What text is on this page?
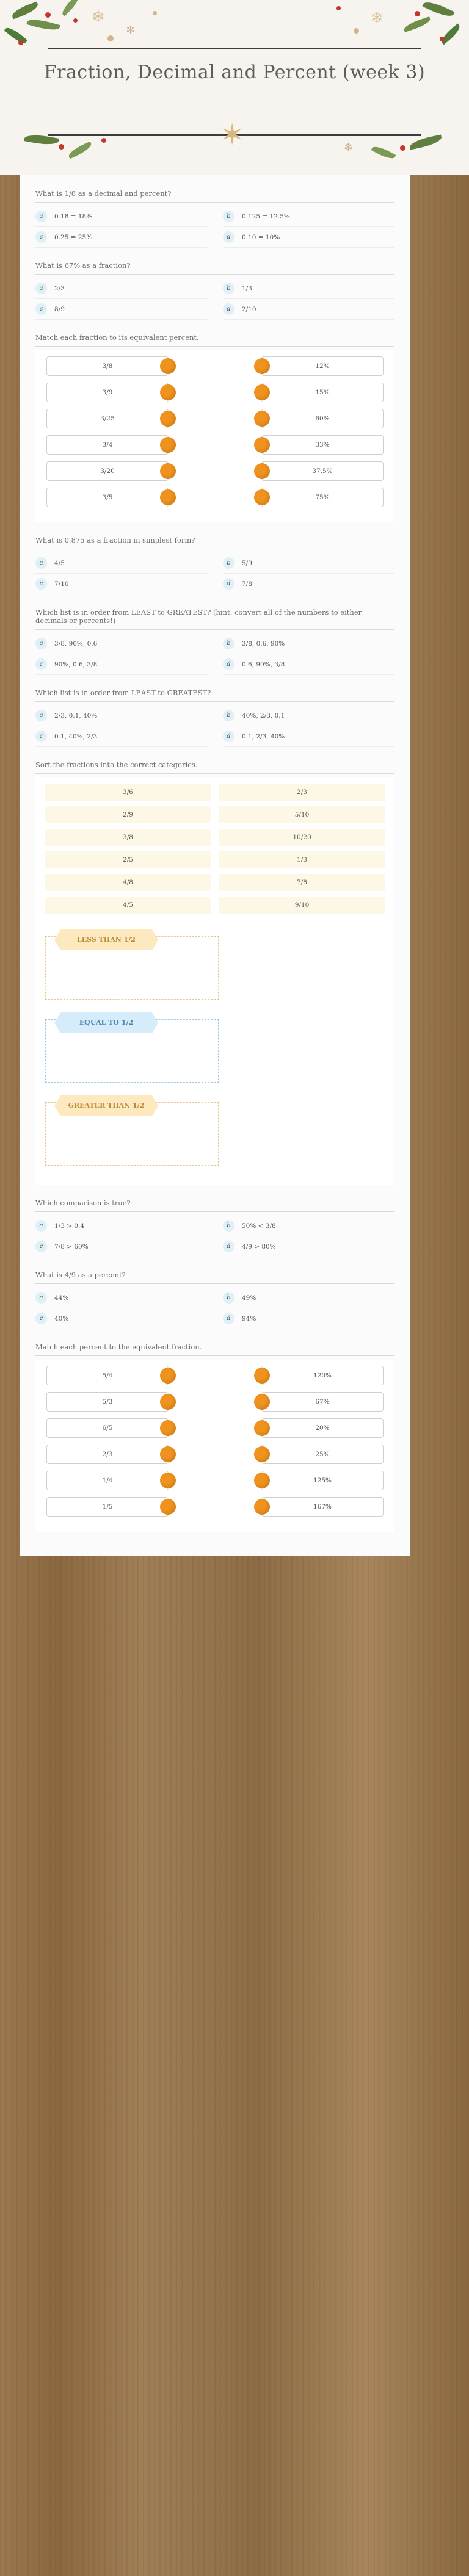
❄
❄
❄
✶	❄
Fraction, Decimal and Percent (week 3)
What is 1/8 as a decimal and percent?
a	0.18 = 18%	b	0.125 = 12.5%
c	0.25 = 25%	d	0.10 = 10%
What is 67% as a fraction?
a	2/3	b	1/3
c	8/9	d	2/10
Match each fraction to its equivalent percent.
3/8	12%
3/9	15%
3/25	60%
3/4	33%
3/20	37.5%
3/5	75%
What is 0.875 as a fraction in simplest form?
a	4/5	b	5/9
c	7/10	d	7/8
Which list is in order from LEAST to GREATEST? (hint: convert all of the numbers to either decimals or percents!)
a	3/8, 90%, 0.6	b	3/8, 0.6, 90%
c	90%, 0.6, 3/8	d	0.6, 90%, 3/8
Which list is in order from LEAST to GREATEST?
a	2/3, 0.1, 40%	b	40%, 2/3, 0.1
c	0.1, 40%, 2/3	d	0.1, 2/3, 40%
Sort the fractions into the correct categories.
3/6	2/3
2/9	5/10
3/8	10/20
2/5	1/3
4/8	7/8
4/5	9/10
LESS THAN 1/2
EQUAL TO 1/2
GREATER THAN 1/2
Which comparison is true?
a	1/3 > 0.4	b	50% < 3/8
c	7/8 > 60%	d	4/9 > 80%
What is 4/9 as a percent?
a	44%	b	49%
c	40%	d	94%
Match each percent to the equivalent fraction.
5/4	120%
5/3	67%
6/5	20%
2/3	25%
1/4	125%
1/5	167%
